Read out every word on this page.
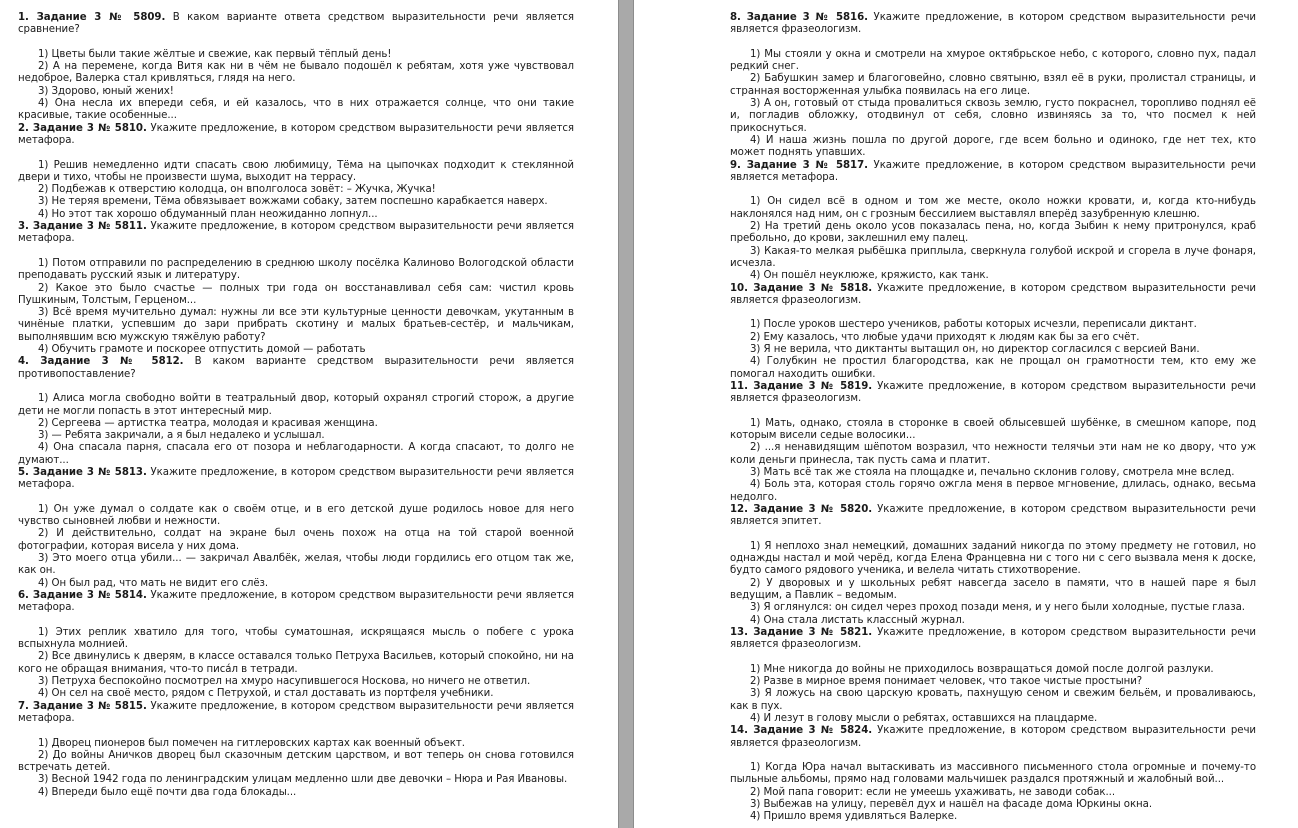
1. Задание 3 № 5809. В каком варианте ответа средством выразительности речи является сравнение?
1) Цветы были такие жёлтые и свежие, как первый тёплый день!
2) А на перемене, когда Витя как ни в чём не бывало подошёл к ребятам, хотя уже чувствовал недоброе, Валерка стал кривляться, глядя на него.
3) Здорово, юный жених!
4) Она несла их впереди себя, и ей казалось, что в них отражается солнце, что они такие красивые, такие особенные...
2. Задание 3 № 5810. Укажите предложение, в котором средством выразительности речи является метафора.
1) Решив немедленно идти спасать свою любимицу, Тёма на цыпочках подходит к стеклянной двери и тихо, чтобы не произвести шума, выходит на террасу.
2) Подбежав к отверстию колодца, он вполголоса зовёт: – Жучка, Жучка!
3) Не теряя времени, Тёма обвязывает вожжами собаку, затем поспешно карабкается наверх.
4) Но этот так хорошо обдуманный план неожиданно лопнул...
3. Задание 3 № 5811. Укажите предложение, в котором средством выразительности речи является метафора.
1) Потом отправили по распределению в среднюю школу посёлка Калиново Вологодской области преподавать русский язык и литературу.
2) Какое это было счастье — полных три года он восстанавливал себя сам: чистил кровь Пушкиным, Толстым, Герценом...
3) Всё время мучительно думал: нужны ли все эти культурные ценности девочкам, укутанным в чинёные платки, успевшим до зари прибрать скотину и малых братьев-сестёр, и мальчикам, выполнявшим всю мужскую тяжёлую работу?
4) Обучить грамоте и поскорее отпустить домой — работать
4. Задание 3 № 5812. В каком варианте средством выразительности речи является противопоставление?
1) Алиса могла свободно войти в театральный двор, который охранял строгий сторож, а другие дети не могли попасть в этот интересный мир.
2) Сергеева — артистка театра, молодая и красивая женщина.
3) — Ребята закричали, а я был недалеко и услышал.
4) Она спасала парня, спасала его от позора и неблагодарности. А когда спасают, то долго не думают...
5. Задание 3 № 5813. Укажите предложение, в котором средством выразительности речи является метафора.
1) Он уже думал о солдате как о своём отце, и в его детской душе родилось новое для него чувство сыновней любви и нежности.
2) И действительно, солдат на экране был очень похож на отца на той старой военной фотографии, которая висела у них дома.
3) Это моего отца убили... — закричал Авалбёк, желая, чтобы люди гордились его отцом так же, как он.
4) Он был рад, что мать не видит его слёз.
6. Задание 3 № 5814. Укажите предложение, в котором средством выразительности речи является метафора.
1) Этих реплик хватило для того, чтобы суматошная, искрящаяся мысль о побеге с урока вспыхнула молнией.
2) Все двинулись к дверям, в классе оставался только Петруха Васильев, который спокойно, ни на кого не обращая внимания, что-то писа́л в тетради.
3) Петруха беспокойно посмотрел на хмуро насупившегося Носкова, но ничего не ответил.
4) Он сел на своё место, рядом с Петрухой, и стал доставать из портфеля учебники.
7. Задание 3 № 5815. Укажите предложение, в котором средством выразительности речи является метафора.
1) Дворец пионеров был помечен на гитлеровских картах как военный объект.
2) До войны Аничков дворец был сказочным детским царством, и вот теперь он снова готовился встречать детей.
3) Весной 1942 года по ленинградским улицам медленно шли две девочки – Нюра и Рая Ивановы.
4) Впереди было ещё почти два года блокады...
8. Задание 3 № 5816. Укажите предложение, в котором средством выразительности речи является фразеологизм.
1) Мы стояли у окна и смотрели на хмурое октябрьское небо, с которого, словно пух, падал редкий снег.
2) Бабушкин замер и благоговейно, словно святыню, взял её в руки, пролистал страницы, и странная восторженная улыбка появилась на его лице.
3) А он, готовый от стыда провалиться сквозь землю, густо покраснел, торопливо поднял её и, погладив обложку, отодвинул от себя, словно извиняясь за то, что посмел к ней прикоснуться.
4) И наша жизнь пошла по другой дороге, где всем больно и одиноко, где нет тех, кто может поднять упавших.
9. Задание 3 № 5817. Укажите предложение, в котором средством выразительности речи является метафора.
1) Он сидел всё в одном и том же месте, около ножки кровати, и, когда кто-нибудь наклонялся над ним, он с грозным бессилием выставлял вперёд зазубренную клешню.
2) На третий день около усов показалась пена, но, когда Зыбин к нему притронулся, краб пребольно, до крови, заклешнил ему палец.
3) Какая-то мелкая рыбёшка приплыла, сверкнула голубой искрой и сгорела в луче фонаря, исчезла.
4) Он пошёл неуклюже, кряжисто, как танк.
10. Задание 3 № 5818. Укажите предложение, в котором средством выразительности речи является фразеологизм.
1) После уроков шестеро учеников, работы которых исчезли, переписали диктант.
2) Ему казалось, что любые удачи приходят к людям как бы за его счёт.
3) Я не верила, что диктанты вытащил он, но директор согласился с версией Вани.
4) Голубкин не простил благородства, как не прощал он грамотности тем, кто ему же помогал находить ошибки.
11. Задание 3 № 5819. Укажите предложение, в котором средством выразительности речи является фразеологизм.
1) Мать, однако, стояла в сторонке в своей облысевшей шубёнке, в смешном капоре, под которым висели седые волосики...
2) ...я ненавидящим шёпотом возразил, что нежности телячьи эти нам не ко двору, что уж коли деньги принесла, так пусть сама и платит.
3) Мать всё так же стояла на площадке и, печально склонив голову, смотрела мне вслед.
4) Боль эта, которая столь горячо ожгла меня в первое мгновение, длилась, однако, весьма недолго.
12. Задание 3 № 5820. Укажите предложение, в котором средством выразительности речи является эпитет.
1) Я неплохо знал немецкий, домашних заданий никогда по этому предмету не готовил, но однажды настал и мой черёд, когда Елена Францевна ни с того ни с сего вызвала меня к доске, будто самого рядового ученика, и велела читать стихотворение.
2) У дворовых и у школьных ребят навсегда засело в памяти, что в нашей паре я был ведущим, а Павлик – ведомым.
3) Я оглянулся: он сидел через проход позади меня, и у него были холодные, пустые глаза.
4) Она стала листать классный журнал.
13. Задание 3 № 5821. Укажите предложение, в котором средством выразительности речи является фразеологизм.
1) Мне никогда до войны не приходилось возвращаться домой после долгой разлуки.
2) Разве в мирное время понимает человек, что такое чистые простыни?
3) Я ложусь на свою царскую кровать, пахнущую сеном и свежим бельём, и проваливаюсь, как в пух.
4) И лезут в голову мысли о ребятах, оставшихся на плацдарме.
14. Задание 3 № 5824. Укажите предложение, в котором средством выразительности речи является фразеологизм.
1) Когда Юра начал вытаскивать из массивного письменного стола огромные и почему-то пыльные альбомы, прямо над головами мальчишек раздался протяжный и жалобный вой...
2) Мой папа говорит: если не умеешь ухаживать, не заводи собак...
3) Выбежав на улицу, перевёл дух и нашёл на фасаде дома Юркины окна.
4) Пришло время удивляться Валерке.
